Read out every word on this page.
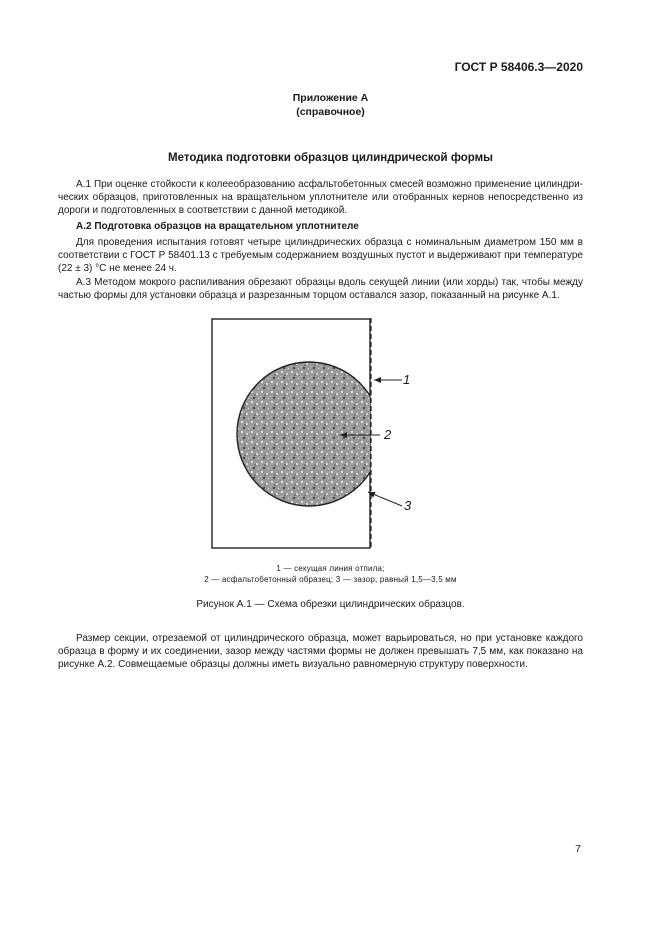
ГОСТ Р 58406.3—2020
Приложение А
(справочное)
Методика подготовки образцов цилиндрической формы

А.1 При оценке стойкости к колееобразованию асфальтобетонных смесей возможно применение цилиндрических образцов, приготовленных на вращательном уплотнителе или отобранных кернов непосредственно из дороги и подготовленных в соответствии с данной методикой.

А.2 Подготовка образцов на вращательном уплотнителе

Для проведения испытания готовят четыре цилиндрических образца с номинальным диаметром 150 мм в соответствии с ГОСТ Р 58401.13 с требуемым содержанием воздушных пустот и выдерживают при температуре (22 ± 3) °С не менее 24 ч.

А.3 Методом мокрого распиливания обрезают образцы вдоль секущей линии (или хорды) так, чтобы между частью формы для установки образца и разрезанным торцом оставался зазор, показанный на рисунке А.1.

1
2
3
1 — секущая линия отпила;
2 — асфальтобетонный образец; 3 — зазор, равный 1,5—3,5 мм
Рисунок А.1 — Схема обрезки цилиндрических образцов.

Размер секции, отрезаемой от цилиндрического образца, может варьироваться, но при установке каждого образца в форму и их соединении, зазор между частями формы не должен превышать 7,5 мм, как показано на рисунке А.2. Совмещаемые образцы должны иметь визуально равномерную структуру поверхности.

7
